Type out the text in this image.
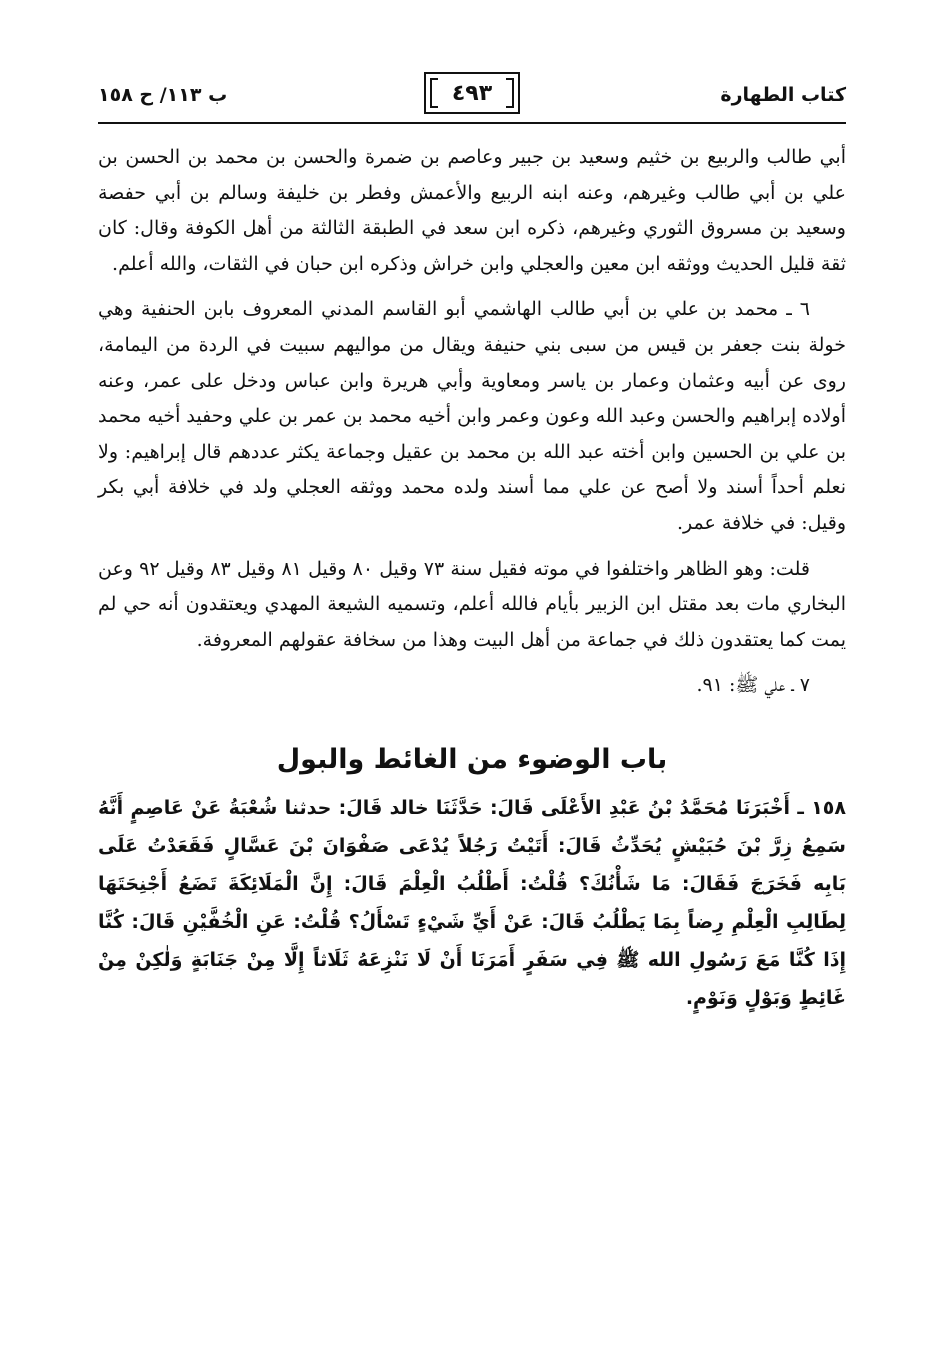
كتاب الطهارة
٤٩٣
ب ١١٣/ ح ١٥٨

أبي طالب والربيع بن خثيم وسعيد بن جبير وعاصم بن ضمرة والحسن بن محمد بن الحسن بن علي بن أبي طالب وغيرهم، وعنه ابنه الربيع والأعمش وفطر بن خليفة وسالم بن أبي حفصة وسعيد بن مسروق الثوري وغيرهم، ذكره ابن سعد في الطبقة الثالثة من أهل الكوفة وقال: كان ثقة قليل الحديث ووثقه ابن معين والعجلي وابن خراش وذكره ابن حبان في الثقات، والله أعلم.

٦ ـ محمد بن علي بن أبي طالب الهاشمي أبو القاسم المدني المعروف بابن الحنفية وهي خولة بنت جعفر بن قيس من سبى بني حنيفة ويقال من مواليهم سبيت في الردة من اليمامة، روى عن أبيه وعثمان وعمار بن ياسر ومعاوية وأبي هريرة وابن عباس ودخل على عمر، وعنه أولاده إبراهيم والحسن وعبد الله وعون وعمر وابن أخيه محمد بن عمر بن علي وحفيد أخيه محمد بن علي بن الحسين وابن أخته عبد الله بن محمد بن عقيل وجماعة يكثر عددهم قال إبراهيم: ولا نعلم أحداً أسند ولا أصح عن علي مما أسند ولده محمد ووثقه العجلي ولد في خلافة أبي بكر وقيل: في خلافة عمر.

قلت: وهو الظاهر واختلفوا في موته فقيل سنة ٧٣ وقيل ٨٠ وقيل ٨١ وقيل ٨٣ وقيل ٩٢ وعن البخاري مات بعد مقتل ابن الزبير بأيام فالله أعلم، وتسميه الشيعة المهدي ويعتقدون أنه حي لم يمت كما يعتقدون ذلك في جماعة من أهل البيت وهذا من سخافة عقولهم المعروفة.

٧ ـ علي ﷺ: ٩١.

باب الوضوء من الغائط والبول

١٥٨ ـ أَخْبَرَنَا مُحَمَّدُ بْنُ عَبْدِ الأَعْلَى قَالَ: حَدَّثَنَا خالد قَالَ: حدثنا شُعْبَةُ عَنْ عَاصِمٍ أَنَّهُ سَمِعُ زِرَّ بْنَ حُبَيْشٍ يُحَدِّثُ قَالَ: أَتَيْتُ رَجُلاً يُدْعَى صَفْوَانَ بْنَ عَسَّالٍ فَقَعَدْتُ عَلَى بَابِه فَخَرَجَ فَقَالَ: مَا شَأْنُكَ؟ قُلْتُ: أَطْلُبُ الْعِلْمَ قَالَ: إِنَّ الْمَلَائِكَةَ تَضَعُ أَجْنِحَتَهَا لِطَالِبِ الْعِلْمِ رِضاً بِمَا يَطْلُبُ قَالَ: عَنْ أَيِّ شَيْءٍ تَسْأَلُ؟ قُلْتُ: عَنِ الْخُفَّيْنِ قَالَ: كُنَّا إِذَا كُنَّا مَعَ رَسُولِ الله ﷺ فِي سَفَرٍ أَمَرَنَا أَنْ لَا نَنْزِعَهُ ثَلَاثاً إِلَّا مِنْ جَنَابَةٍ وَلٰكِنْ مِنْ غَائِطٍ وَبَوْلٍ وَنَوْمٍ.
